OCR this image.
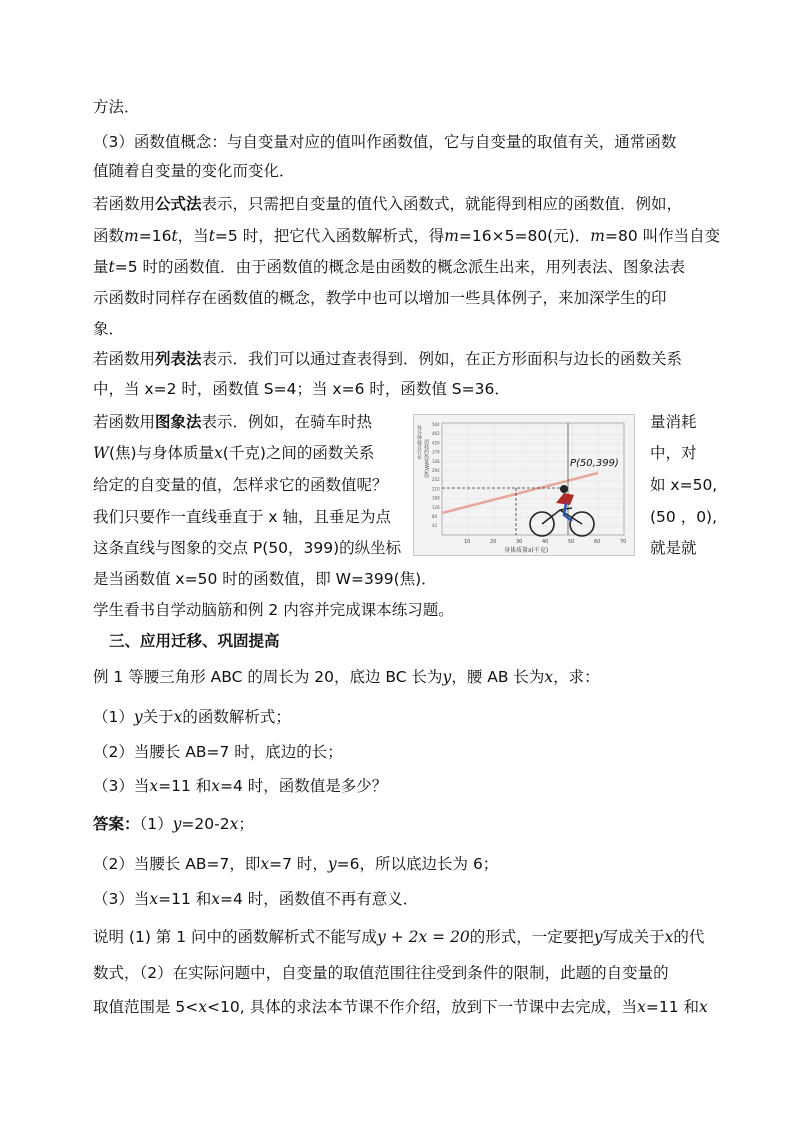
方法．
（3）函数值概念：与自变量对应的值叫作函数值，它与自变量的取值有关，通常函数
值随着自变量的变化而变化．
若函数用公式法表示，只需把自变量的值代入函数式，就能得到相应的函数值．例如，
函数m=16t，当t=5 时，把它代入函数解析式，得m=16×5=80(元)．m=80 叫作当自变
量t=5 时的函数值．由于函数值的概念是由函数的概念派生出来，用列表法、图象法表
示函数时同样存在函数值的概念，教学中也可以增加一些具体例子，来加深学生的印
象．
若函数用列表法表示．我们可以通过查表得到．例如，在正方形面积与边长的函数关系
中，当 x=2 时，函数值 S=4；当 x=6 时，函数值 S=36．
若函数用图象法表示．例如，在骑车时热	量消耗
W(焦)与身体质量x(千克)之间的函数关系	中，对
给定的自变量的值，怎样求它的函数值呢？	如 x=50,
我们只要作一直线垂直于 x 轴，且垂足为点	(50 ，0),
这条直线与图象的交点 P(50，399)的纵坐标	就是就
每分钟骑自行车 消耗的热量W(焦)
504
462
420
378
336
294
252
210
168
126
84
42
P(50,399)
10	20	30	40	50	60	70
身体质量x(千克)
是当函数值 x=50 时的函数值，即 W=399(焦)．
学生看书自学动脑筋和例 2 内容并完成课本练习题。
三、应用迁移、巩固提高
例 1 等腰三角形 ABC 的周长为 20，底边 BC 长为y，腰 AB 长为x，求：
（1）y关于x的函数解析式；
（2）当腰长 AB=7 时，底边的长；
（3）当x=11 和x=4 时，函数值是多少？
答案：（1）y=20-2x；
（2）当腰长 AB=7，即x=7 时，y=6，所以底边长为 6；
（3）当x=11 和x=4 时，函数值不再有意义．
说明 (1) 第 1 问中的函数解析式不能写成y + 2x = 20的形式，一定要把y写成关于x的代
数式，（2）在实际问题中，自变量的取值范围往往受到条件的限制，此题的自变量的
取值范围是 5<x<10, 具体的求法本节课不作介绍，放到下一节课中去完成，当x=11 和x
